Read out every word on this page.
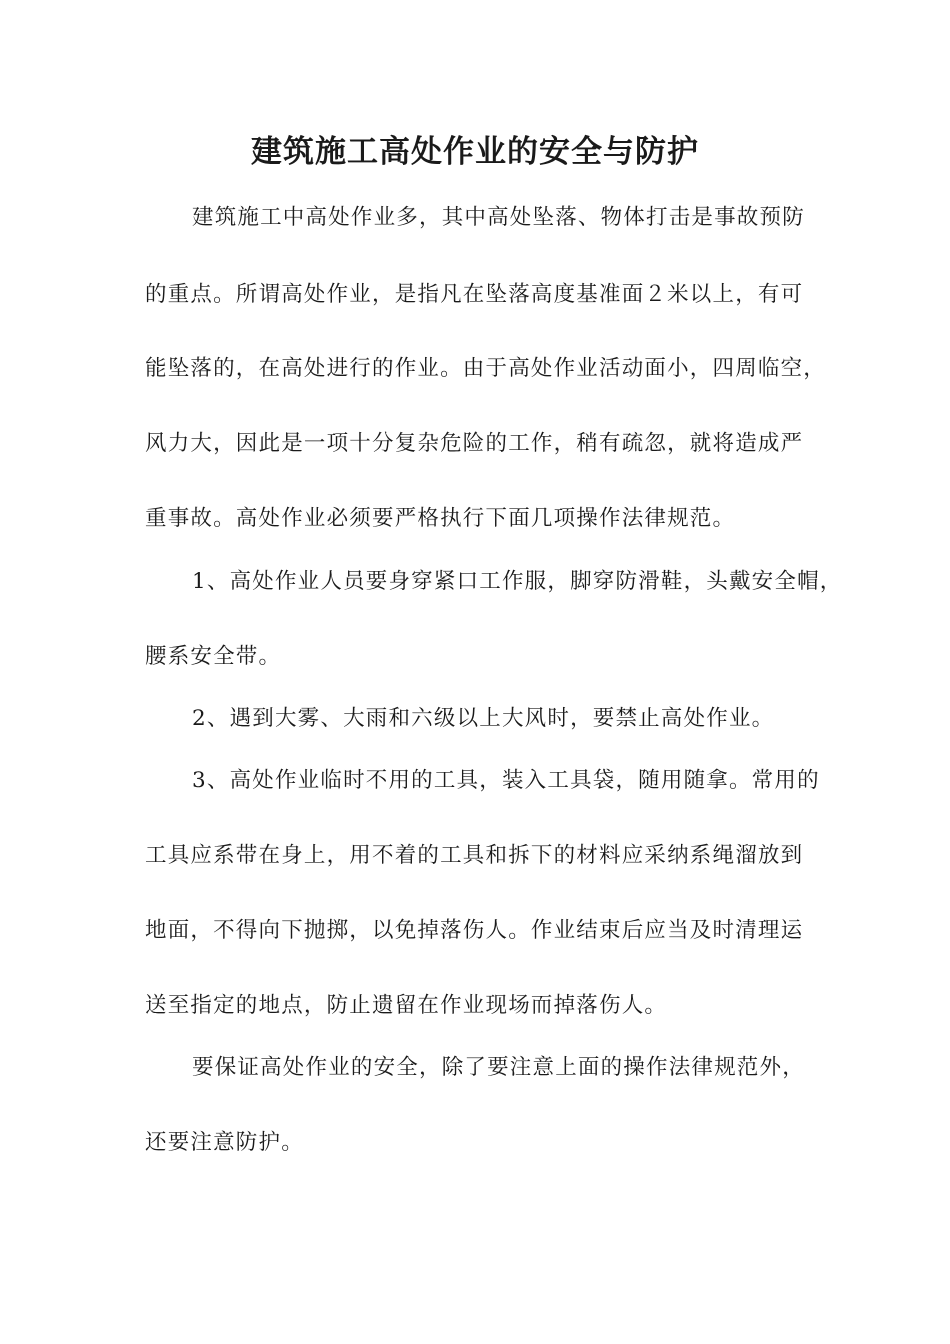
建筑施工高处作业的安全与防护
建筑施工中高处作业多，其中高处坠落、物体打击是事故预防
的重点。所谓高处作业，是指凡在坠落高度基准面２米以上，有可
能坠落的，在高处进行的作业。由于高处作业活动面小，四周临空，
风力大，因此是一项十分复杂危险的工作，稍有疏忽，就将造成严
重事故。高处作业必须要严格执行下面几项操作法律规范。
1、高处作业人员要身穿紧口工作服，脚穿防滑鞋，头戴安全帽，
腰系安全带。
2、遇到大雾、大雨和六级以上大风时，要禁止高处作业。
3、高处作业临时不用的工具，装入工具袋，随用随拿。常用的
工具应系带在身上，用不着的工具和拆下的材料应采纳系绳溜放到
地面，不得向下抛掷，以免掉落伤人。作业结束后应当及时清理运
送至指定的地点，防止遗留在作业现场而掉落伤人。
要保证高处作业的安全，除了要注意上面的操作法律规范外，
还要注意防护。
